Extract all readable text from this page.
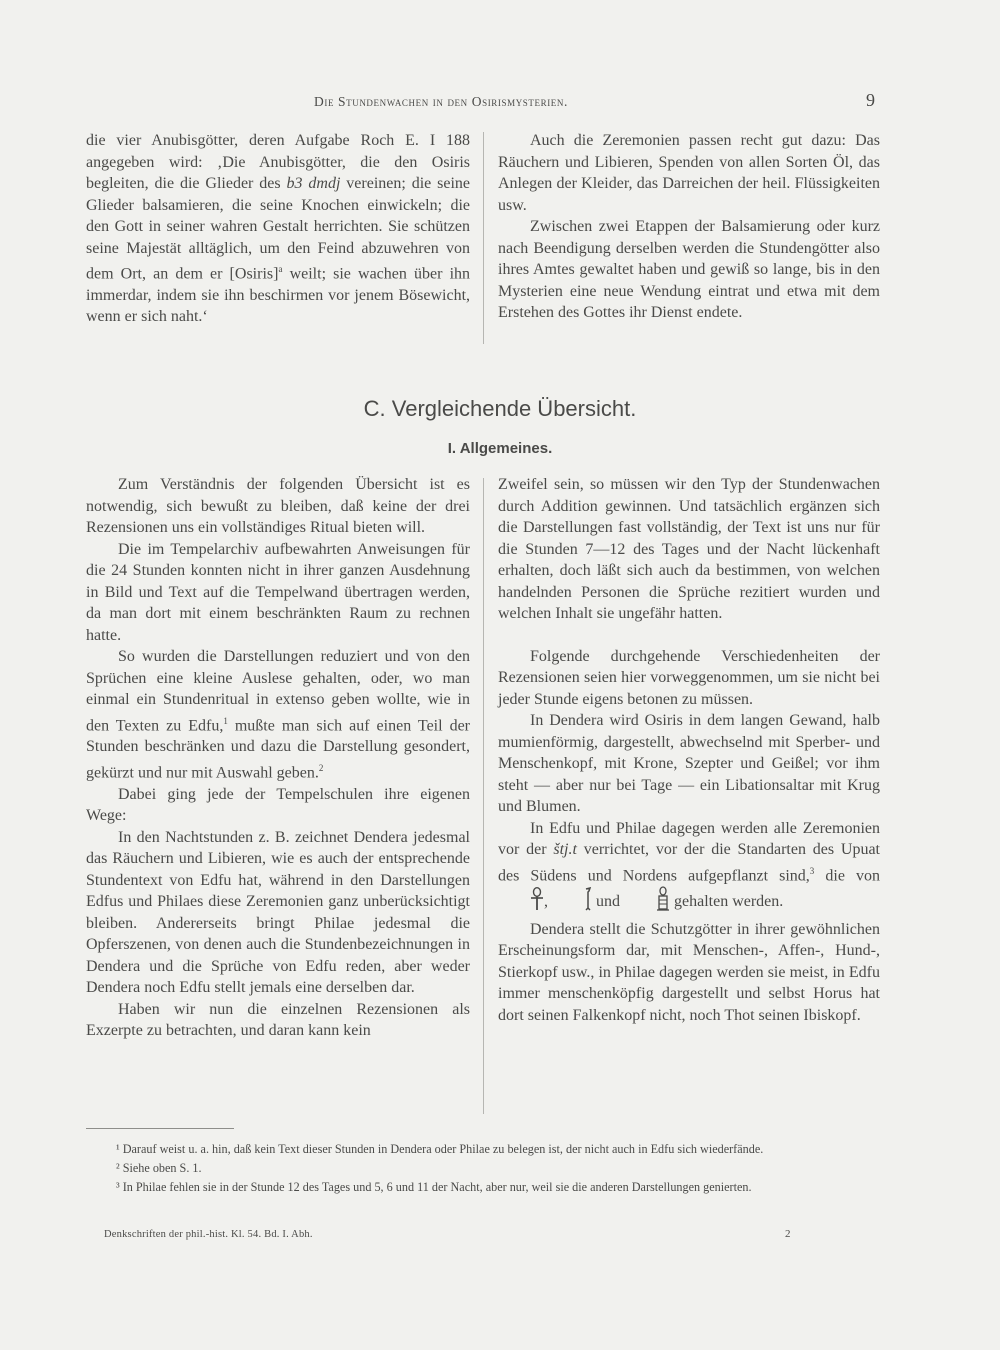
Die Stundenwachen in den Osirismysterien.	9

die vier Anubisgötter, deren Aufgabe Roch E. I 188 angegeben wird: ‚Die Anubisgötter, die den Osiris begleiten, die die Glieder des b3 dmdj vereinen; die seine Glieder balsamieren, die seine Knochen einwickeln; die den Gott in seiner wahren Gestalt herrichten. Sie schützen seine Majestät alltäglich, um den Feind abzuwehren von dem Ort, an dem er [Osiris]$^a$ weilt; sie wachen über ihn immerdar, indem sie ihn beschirmen vor jenem Bösewicht, wenn er sich naht.‘

Auch die Zeremonien passen recht gut dazu: Das Räuchern und Libieren, Spenden von allen Sorten Öl, das Anlegen der Kleider, das Darreichen der heil. Flüssigkeiten usw.

Zwischen zwei Etappen der Balsamierung oder kurz nach Beendigung derselben werden die Stundengötter also ihres Amtes gewaltet haben und gewiß so lange, bis in den Mysterien eine neue Wendung eintrat und etwa mit dem Erstehen des Gottes ihr Dienst endete.

C. Vergleichende Übersicht.
I. Allgemeines.

Zum Verständnis der folgenden Übersicht ist es notwendig, sich bewußt zu bleiben, daß keine der drei Rezensionen uns ein vollständiges Ritual bieten will.

Die im Tempelarchiv aufbewahrten Anweisungen für die 24 Stunden konnten nicht in ihrer ganzen Ausdehnung in Bild und Text auf die Tempelwand übertragen werden, da man dort mit einem beschränkten Raum zu rechnen hatte.

So wurden die Darstellungen reduziert und von den Sprüchen eine kleine Auslese gehalten, oder, wo man einmal ein Stundenritual in extenso geben wollte, wie in den Texten zu Edfu,$^1$ mußte man sich auf einen Teil der Stunden beschränken und dazu die Darstellung gesondert, gekürzt und nur mit Auswahl geben.$^2$

Dabei ging jede der Tempelschulen ihre eigenen Wege:

In den Nachtstunden z. B. zeichnet Dendera jedesmal das Räuchern und Libieren, wie es auch der entsprechende Stundentext von Edfu hat, während in den Darstellungen Edfus und Philaes diese Zeremonien ganz unberücksichtigt bleiben. Andererseits bringt Philae jedesmal die Opferszenen, von denen auch die Stundenbezeichnungen in Dendera und die Sprüche von Edfu reden, aber weder Dendera noch Edfu stellt jemals eine derselben dar.

Haben wir nun die einzelnen Rezensionen als Exzerpte zu betrachten, und daran kann kein

Zweifel sein, so müssen wir den Typ der Stundenwachen durch Addition gewinnen. Und tatsächlich ergänzen sich die Darstellungen fast vollständig, der Text ist uns nur für die Stunden 7—12 des Tages und der Nacht lückenhaft erhalten, doch läßt sich auch da bestimmen, von welchen handelnden Personen die Sprüche rezitiert wurden und welchen Inhalt sie ungefähr hatten.

Folgende durchgehende Verschiedenheiten der Rezensionen seien hier vorweggenommen, um sie nicht bei jeder Stunde eigens betonen zu müssen.

In Dendera wird Osiris in dem langen Gewand, halb mumienförmig, dargestellt, abwechselnd mit Sperber- und Menschenkopf, mit Krone, Szepter und Geißel; vor ihm steht — aber nur bei Tage — ein Libationsaltar mit Krug und Blumen.

In Edfu und Philae dagegen werden alle Zeremonien vor der štj.t verrichtet, vor der die Standarten des Upuat des Südens und Nordens aufgepflanzt sind,$^3$ die von ,	und	gehalten werden.

Dendera stellt die Schutzgötter in ihrer gewöhnlichen Erscheinungsform dar, mit Menschen-, Affen-, Hund-, Stierkopf usw., in Philae dagegen werden sie meist, in Edfu immer menschenköpfig dargestellt und selbst Horus hat dort seinen Falkenkopf nicht, noch Thot seinen Ibiskopf.

¹ Darauf weist u. a. hin, daß kein Text dieser Stunden in Dendera oder Philae zu belegen ist, der nicht auch in Edfu sich wiederfände.

² Siehe oben S. 1.

³ In Philae fehlen sie in der Stunde 12 des Tages und 5, 6 und 11 der Nacht, aber nur, weil sie die anderen Darstellungen genierten.

Denkschriften der phil.-hist. Kl. 54. Bd. I. Abh.	2
